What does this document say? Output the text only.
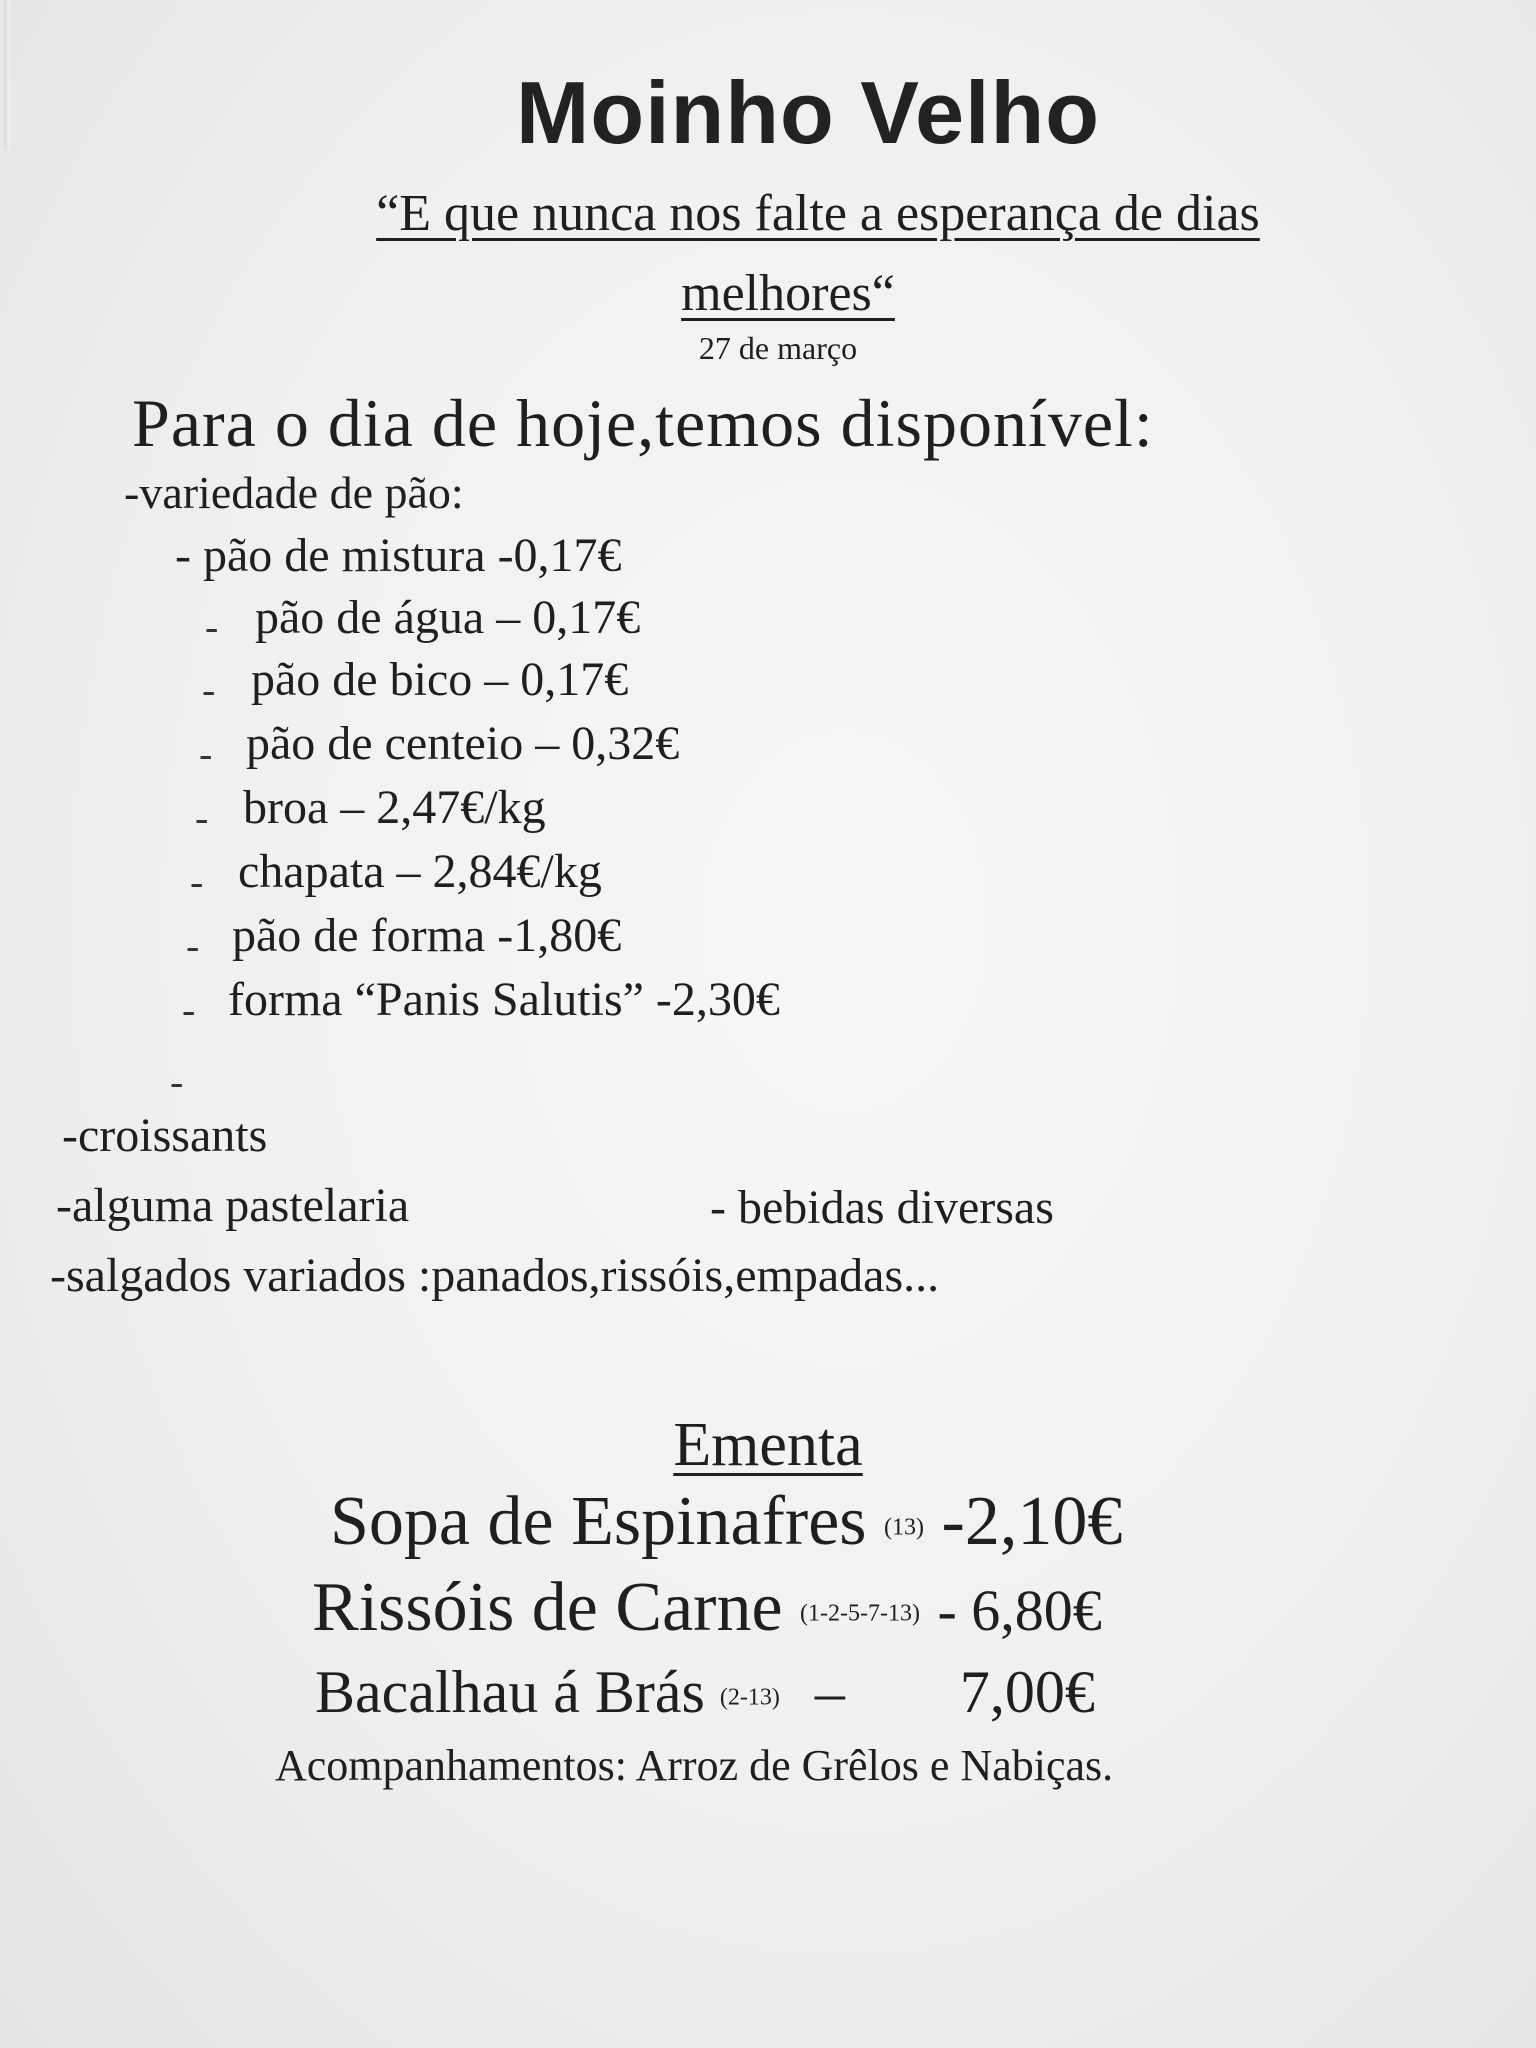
Moinho Velho
“E que nunca nos falte a esperança de dias
melhores“
27 de março
Para o dia de hoje,temos disponível:
-variedade de pão:
- pão de mistura -0,17€
- pão de água – 0,17€
- pão de bico – 0,17€
- pão de centeio – 0,32€
- broa – 2,47€/kg
- chapata – 2,84€/kg
- pão de forma -1,80€
- forma “Panis Salutis” -2,30€
-
-croissants
-alguma pastelaria	- bebidas diversas
-salgados variados :panados,rissóis,empadas...
Ementa
Sopa de Espinafres (13) -2,10€
Rissóis de Carne (1-2-5-7-13) - 6,80€
Bacalhau á Brás (2-13) – 7,00€
Acompanhamentos: Arroz de Grêlos e Nabiças.
